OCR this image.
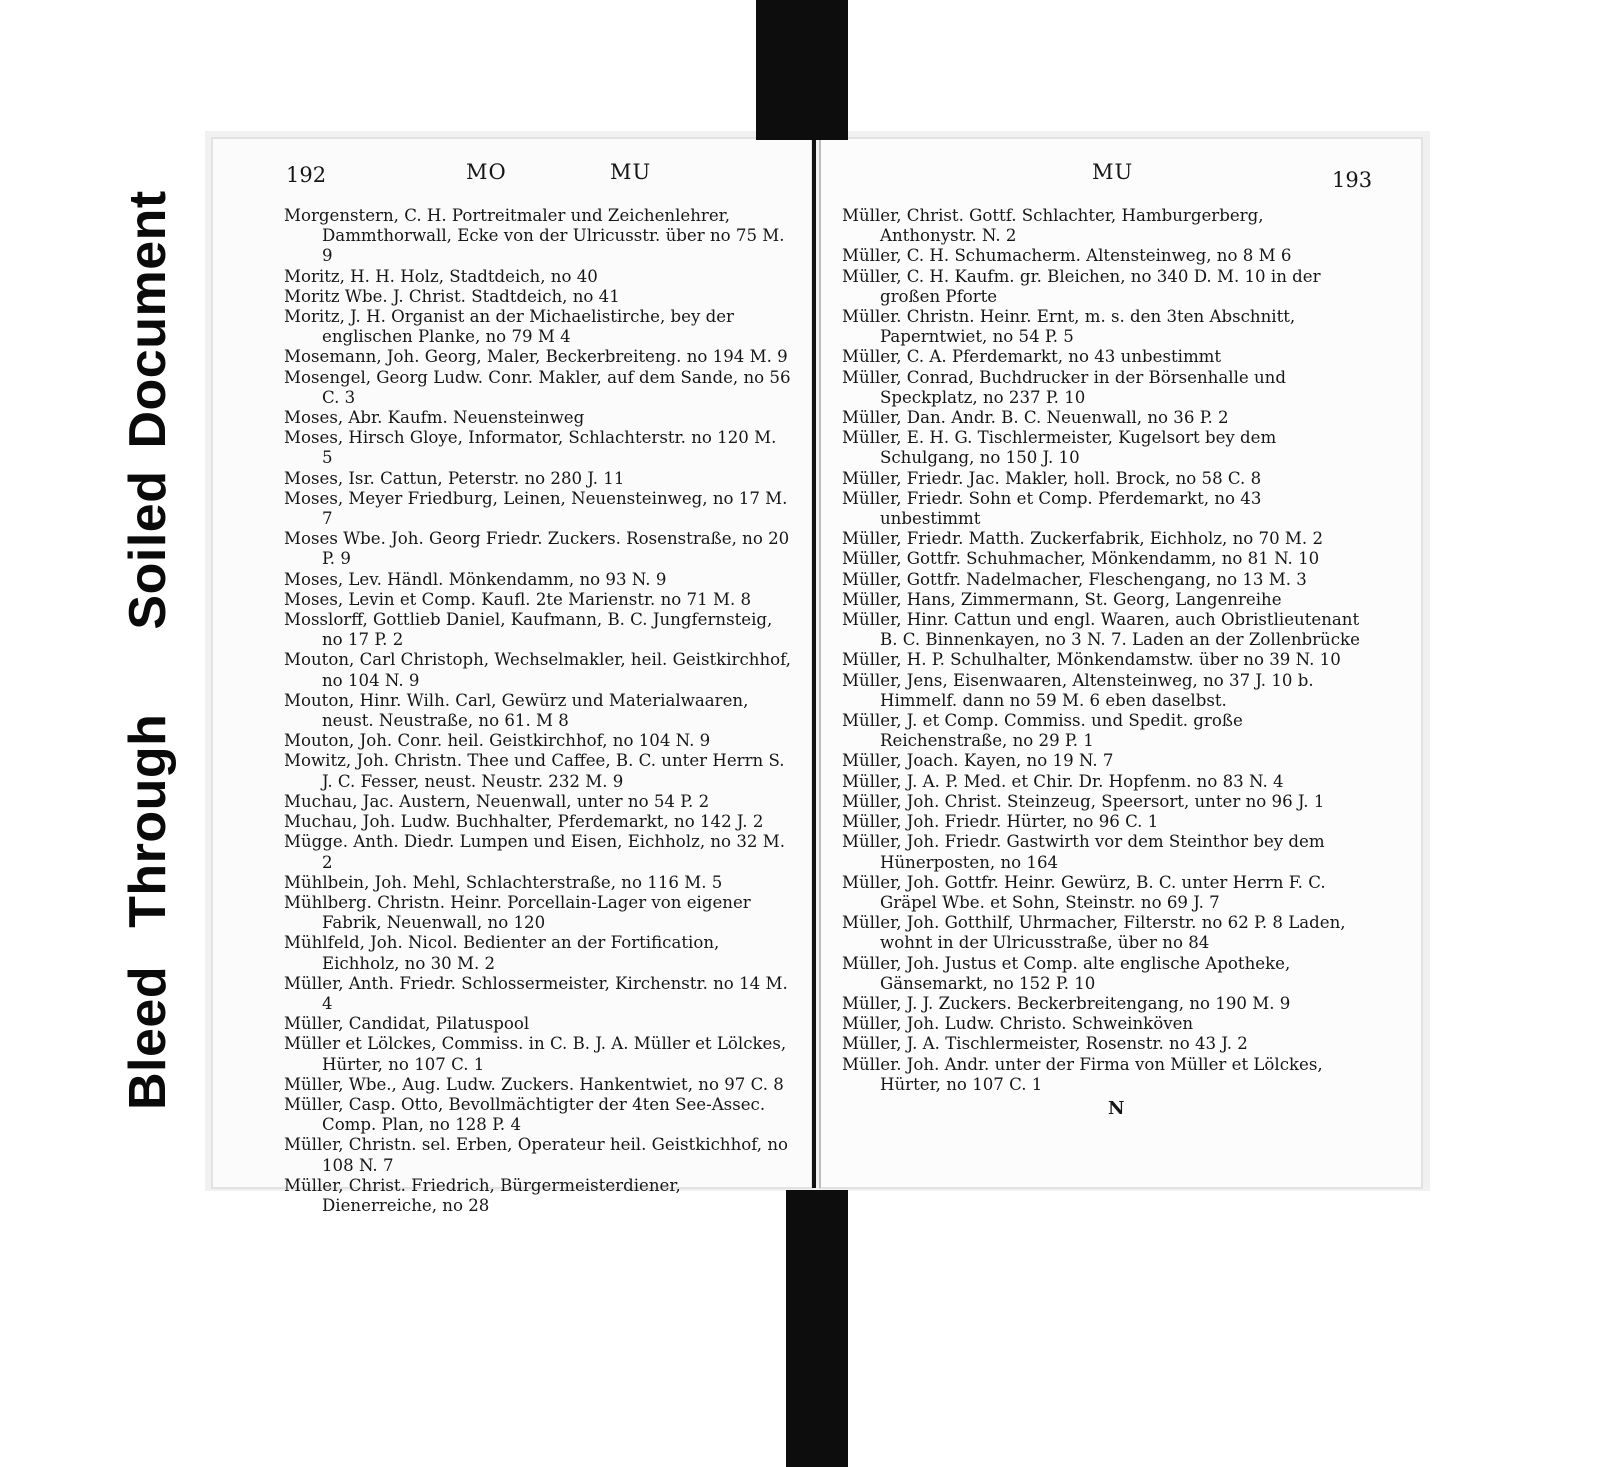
BleedThroughSoiledDocument
192	MO	MU	MU	193

Morgenstern, C. H. Portreitmaler und Zeichenlehrer, Dammthorwall, Ecke von der Ulricusstr. über no 75 M. 9

Moritz, H. H. Holz, Stadtdeich, no 40

Moritz Wbe. J. Christ. Stadtdeich, no 41

Moritz, J. H. Organist an der Michaelistirche, bey der englischen Planke, no 79 M 4

Mosemann, Joh. Georg, Maler, Beckerbreiteng. no 194 M. 9

Mosengel, Georg Ludw. Conr. Makler, auf dem Sande, no 56 C. 3

Moses, Abr. Kaufm. Neuensteinweg

Moses, Hirsch Gloye, Informator, Schlachterstr. no 120 M. 5

Moses, Isr. Cattun, Peterstr. no 280 J. 11

Moses, Meyer Friedburg, Leinen, Neuensteinweg, no 17 M. 7

Moses Wbe. Joh. Georg Friedr. Zuckers. Rosenstraße, no 20 P. 9

Moses, Lev. Händl. Mönkendamm, no 93 N. 9

Moses, Levin et Comp. Kaufl. 2te Marienstr. no 71 M. 8

Mosslorff, Gottlieb Daniel, Kaufmann, B. C. Jungfernsteig, no 17 P. 2

Mouton, Carl Christoph, Wechselmakler, heil. Geistkirchhof, no 104 N. 9

Mouton, Hinr. Wilh. Carl, Gewürz und Materialwaaren, neust. Neustraße, no 61. M 8

Mouton, Joh. Conr. heil. Geistkirchhof, no 104 N. 9

Mowitz, Joh. Christn. Thee und Caffee, B. C. unter Herrn S. J. C. Fesser, neust. Neustr. 232 M. 9

Muchau, Jac. Austern, Neuenwall, unter no 54 P. 2

Muchau, Joh. Ludw. Buchhalter, Pferdemarkt, no 142 J. 2

Mügge. Anth. Diedr. Lumpen und Eisen, Eichholz, no 32 M. 2

Mühlbein, Joh. Mehl, Schlachterstraße, no 116 M. 5

Mühlberg. Christn. Heinr. Porcellain-Lager von eigener Fabrik, Neuenwall, no 120

Mühlfeld, Joh. Nicol. Bedienter an der Fortification, Eichholz, no 30 M. 2

Müller, Anth. Friedr. Schlossermeister, Kirchenstr. no 14 M. 4

Müller, Candidat, Pilatuspool

Müller et Lölckes, Commiss. in C. B. J. A. Müller et Lölckes, Hürter, no 107 C. 1

Müller, Wbe., Aug. Ludw. Zuckers. Hankentwiet, no 97 C. 8

Müller, Casp. Otto, Bevollmächtigter der 4ten See-Assec. Comp. Plan, no 128 P. 4

Müller, Christn. sel. Erben, Operateur heil. Geistkichhof, no 108 N. 7

Müller, Christ. Friedrich, Bürgermeisterdiener, Dienerreiche, no 28

Müller, Christ. Gottf. Schlachter, Hamburgerberg, Anthonystr. N. 2

Müller, C. H. Schumacherm. Altensteinweg, no 8 M 6

Müller, C. H. Kaufm. gr. Bleichen, no 340 D. M. 10 in der großen Pforte

Müller. Christn. Heinr. Ernt, m. s. den 3ten Abschnitt, Paperntwiet, no 54 P. 5

Müller, C. A. Pferdemarkt, no 43 unbestimmt

Müller, Conrad, Buchdrucker in der Börsenhalle und Speckplatz, no 237 P. 10

Müller, Dan. Andr. B. C. Neuenwall, no 36 P. 2

Müller, E. H. G. Tischlermeister, Kugelsort bey dem Schulgang, no 150 J. 10

Müller, Friedr. Jac. Makler, holl. Brock, no 58 C. 8

Müller, Friedr. Sohn et Comp. Pferdemarkt, no 43 unbestimmt

Müller, Friedr. Matth. Zuckerfabrik, Eichholz, no 70 M. 2

Müller, Gottfr. Schuhmacher, Mönkendamm, no 81 N. 10

Müller, Gottfr. Nadelmacher, Fleschengang, no 13 M. 3

Müller, Hans, Zimmermann, St. Georg, Langenreihe

Müller, Hinr. Cattun und engl. Waaren, auch Obristlieutenant B. C. Binnenkayen, no 3 N. 7. Laden an der Zollenbrücke

Müller, H. P. Schulhalter, Mönkendamstw. über no 39 N. 10

Müller, Jens, Eisenwaaren, Altensteinweg, no 37 J. 10 b. Himmelf. dann no 59 M. 6 eben daselbst.

Müller, J. et Comp. Commiss. und Spedit. große Reichenstraße, no 29 P. 1

Müller, Joach. Kayen, no 19 N. 7

Müller, J. A. P. Med. et Chir. Dr. Hopfenm. no 83 N. 4

Müller, Joh. Christ. Steinzeug, Speersort, unter no 96 J. 1

Müller, Joh. Friedr. Hürter, no 96 C. 1

Müller, Joh. Friedr. Gastwirth vor dem Steinthor bey dem Hünerposten, no 164

Müller, Joh. Gottfr. Heinr. Gewürz, B. C. unter Herrn F. C. Gräpel Wbe. et Sohn, Steinstr. no 69 J. 7

Müller, Joh. Gotthilf, Uhrmacher, Filterstr. no 62 P. 8 Laden, wohnt in der Ulricusstraße, über no 84

Müller, Joh. Justus et Comp. alte englische Apotheke, Gänsemarkt, no 152 P. 10

Müller, J. J. Zuckers. Beckerbreitengang, no 190 M. 9

Müller, Joh. Ludw. Christo. Schweinköven

Müller, J. A. Tischlermeister, Rosenstr. no 43 J. 2

Müller. Joh. Andr. unter der Firma von Müller et Lölckes, Hürter, no 107 C. 1

N
